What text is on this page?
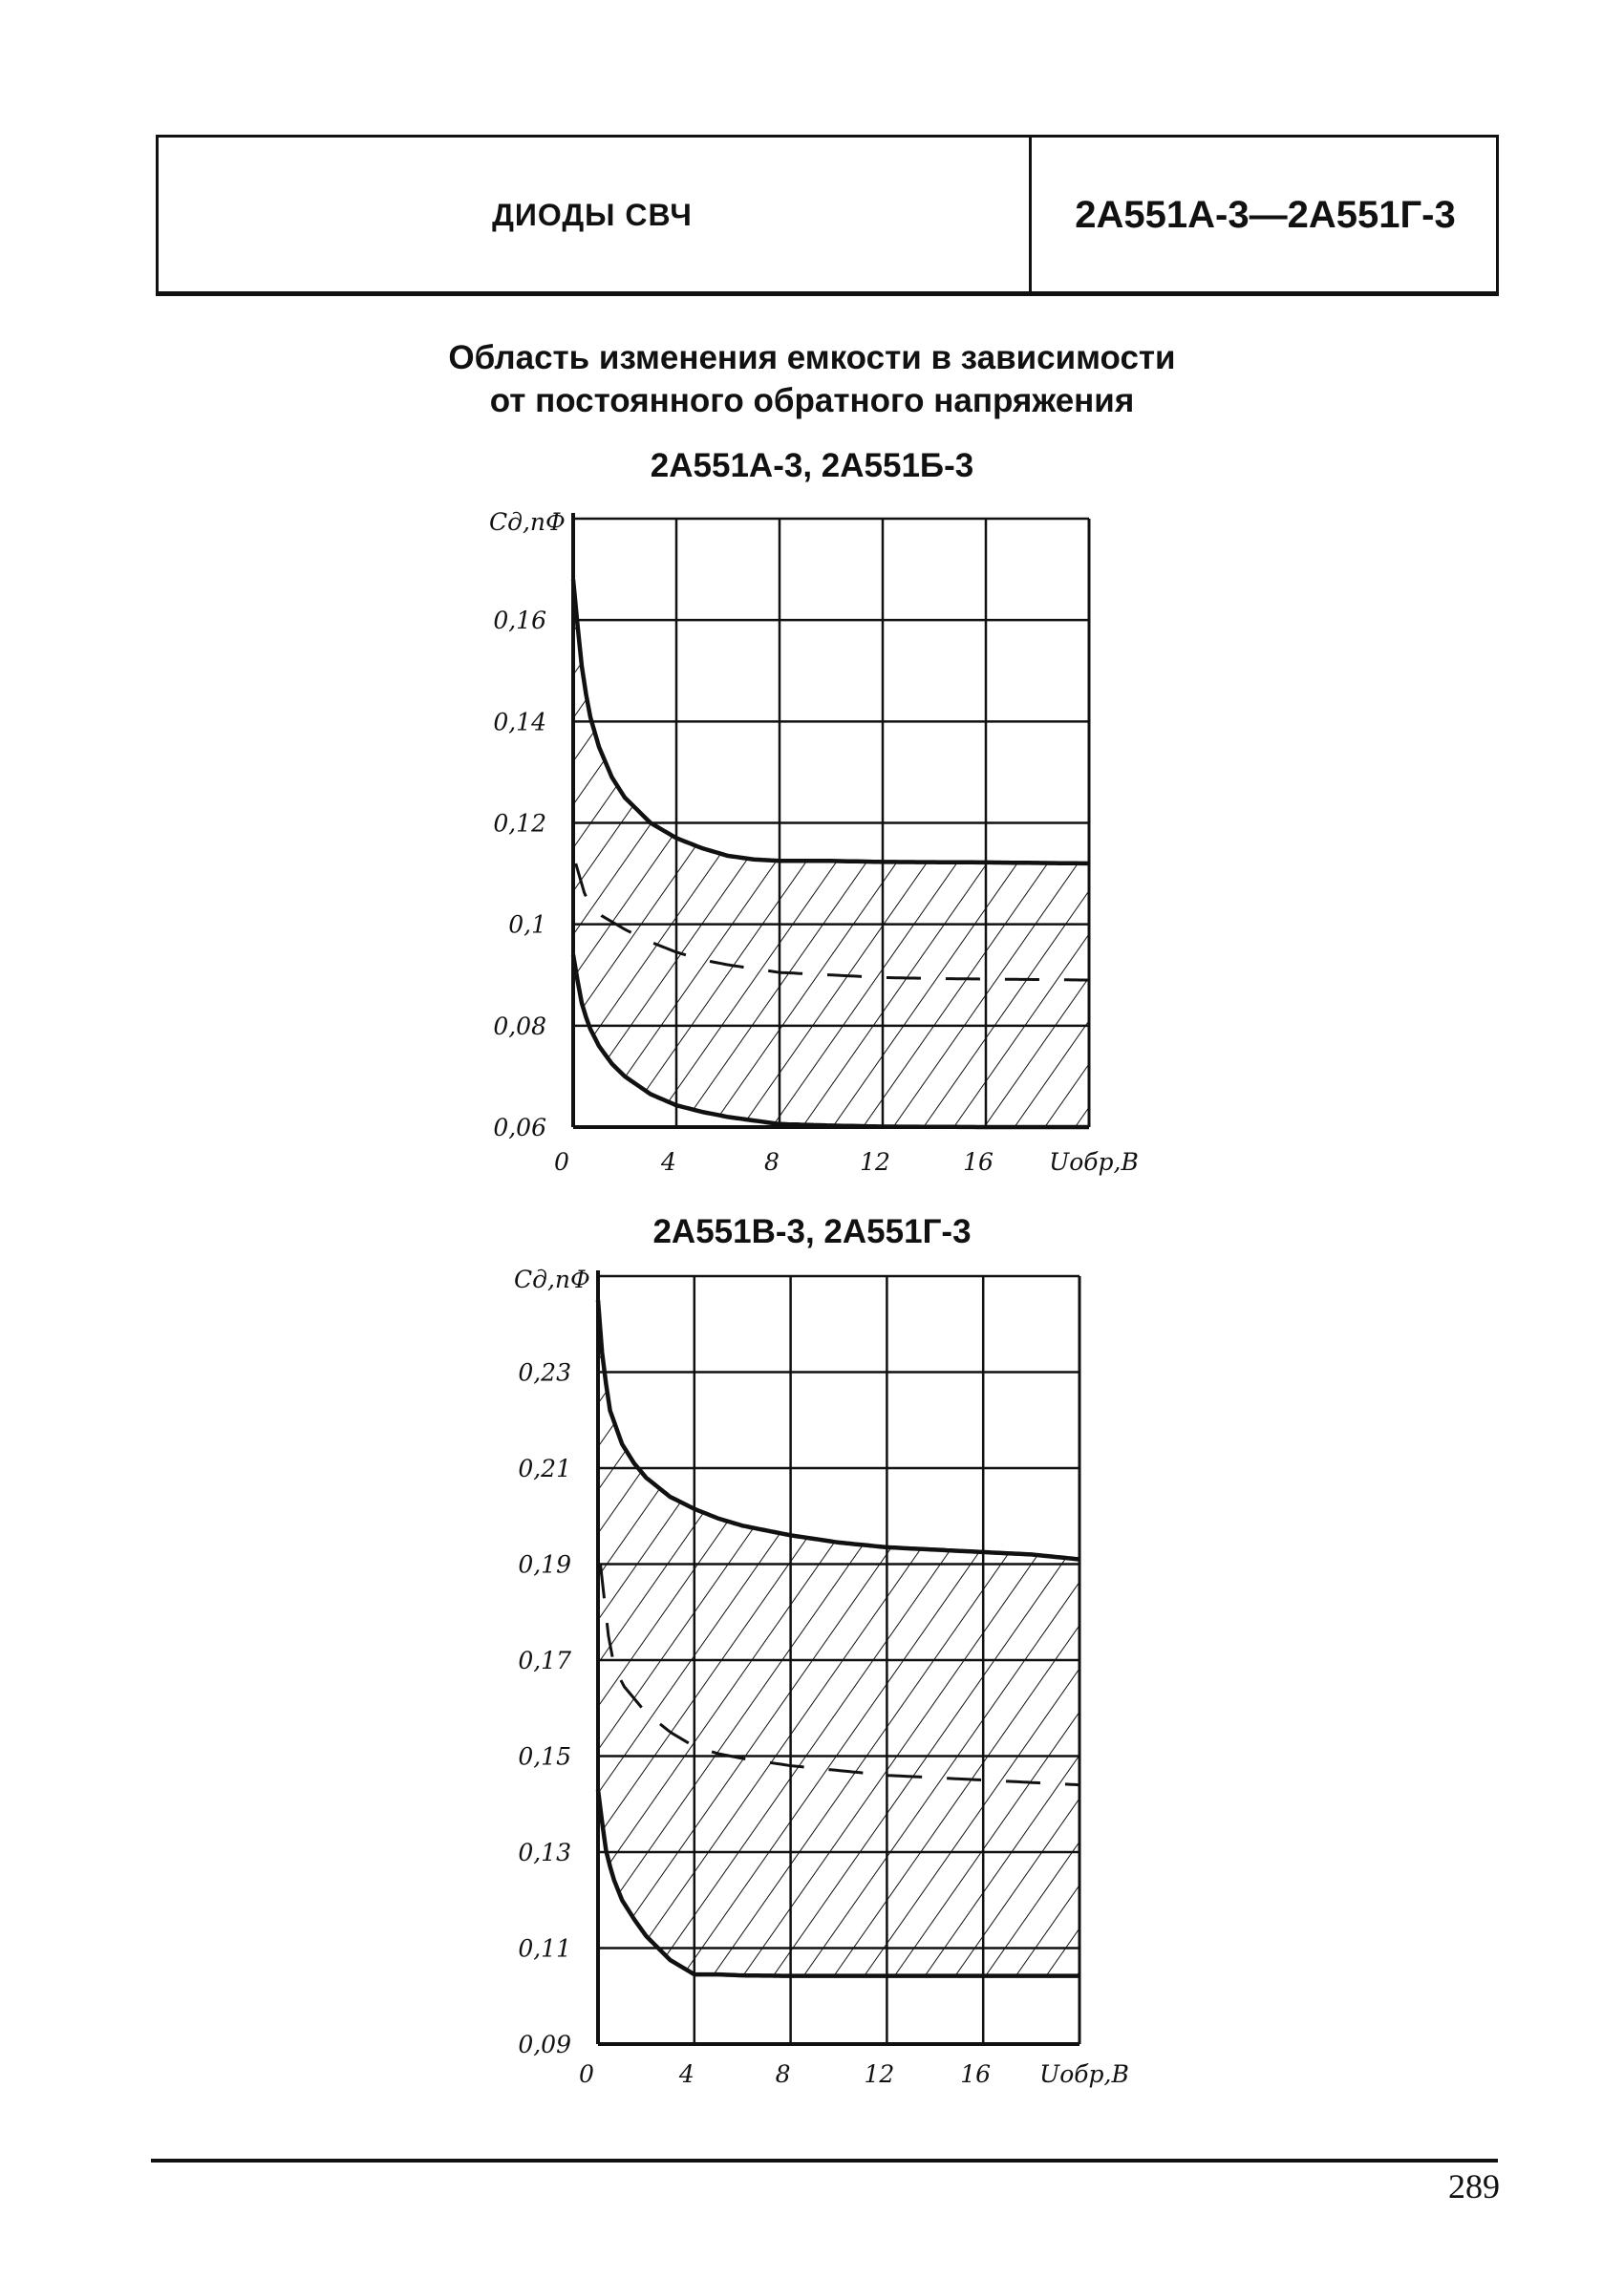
ДИОДЫ СВЧ	2А551А-3—2А551Г-3
Область изменения емкости в зависимости
от постоянного обратного напряжения
2А551А-3, 2А551Б-3
Сд,пФ
0,16
0,14
0,12
0,1
0,08
0,06
0	4	8	12	16 Uобр,В
2А551В-3, 2А551Г-3
Сд,пФ
0,23
0,21
0,19
0,17
0,15
0,13
0,11
0,09
0	4	8	12	16 Uобр,В
289
